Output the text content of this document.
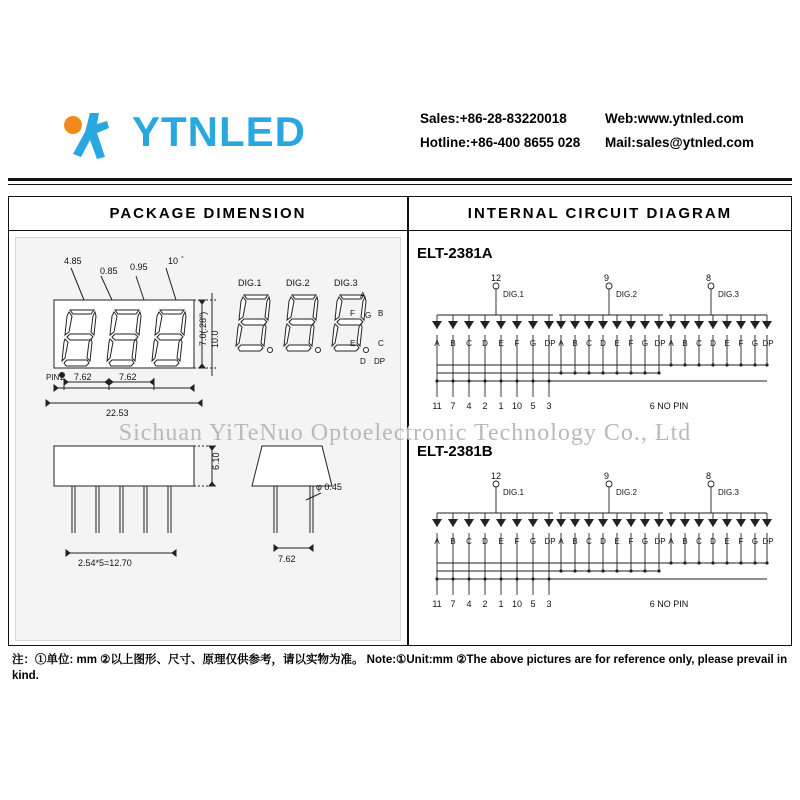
YTNLED	Sales:+86-28-83220018	Web:www.ytnled.com
Hotline:+86-400 8655 028	Mail:sales@ytnled.com
PACKAGE DIMENSION	INTERNAL CIRCUIT DIAGRAM
4.85
0.85 0.95
10 °
7.0(.28") 10.0
PIN1 7.62	7.62
22.53
6.10
2.54*5=12.70
φ 0.45
7.62
DIG.1	DIG.2	DIG.3
A
F G B
E	C
D DP
ELT-2381A
12	9	8
DIG.1	DIG.2	DIG.3
A B C D E F G DP A B C D E F G DP A B C D E F G DP
11 7 4 2 1 10 5 3	6 NO PIN
ELT-2381B
12	9	8
DIG.1	DIG.2	DIG.3
A B C D E F G DP A B C D E F G DP A B C D E F G DP
11 7 4 2 1 10 5 3	6 NO PIN
Sichuan YiTeNuo Optoelectronic Technology Co., Ltd
注：①单位: mm ②以上图形、尺寸、原理仅供参考，请以实物为准。 Note:①Unit:mm ②The above pictures are for reference only, please prevail in kind.
